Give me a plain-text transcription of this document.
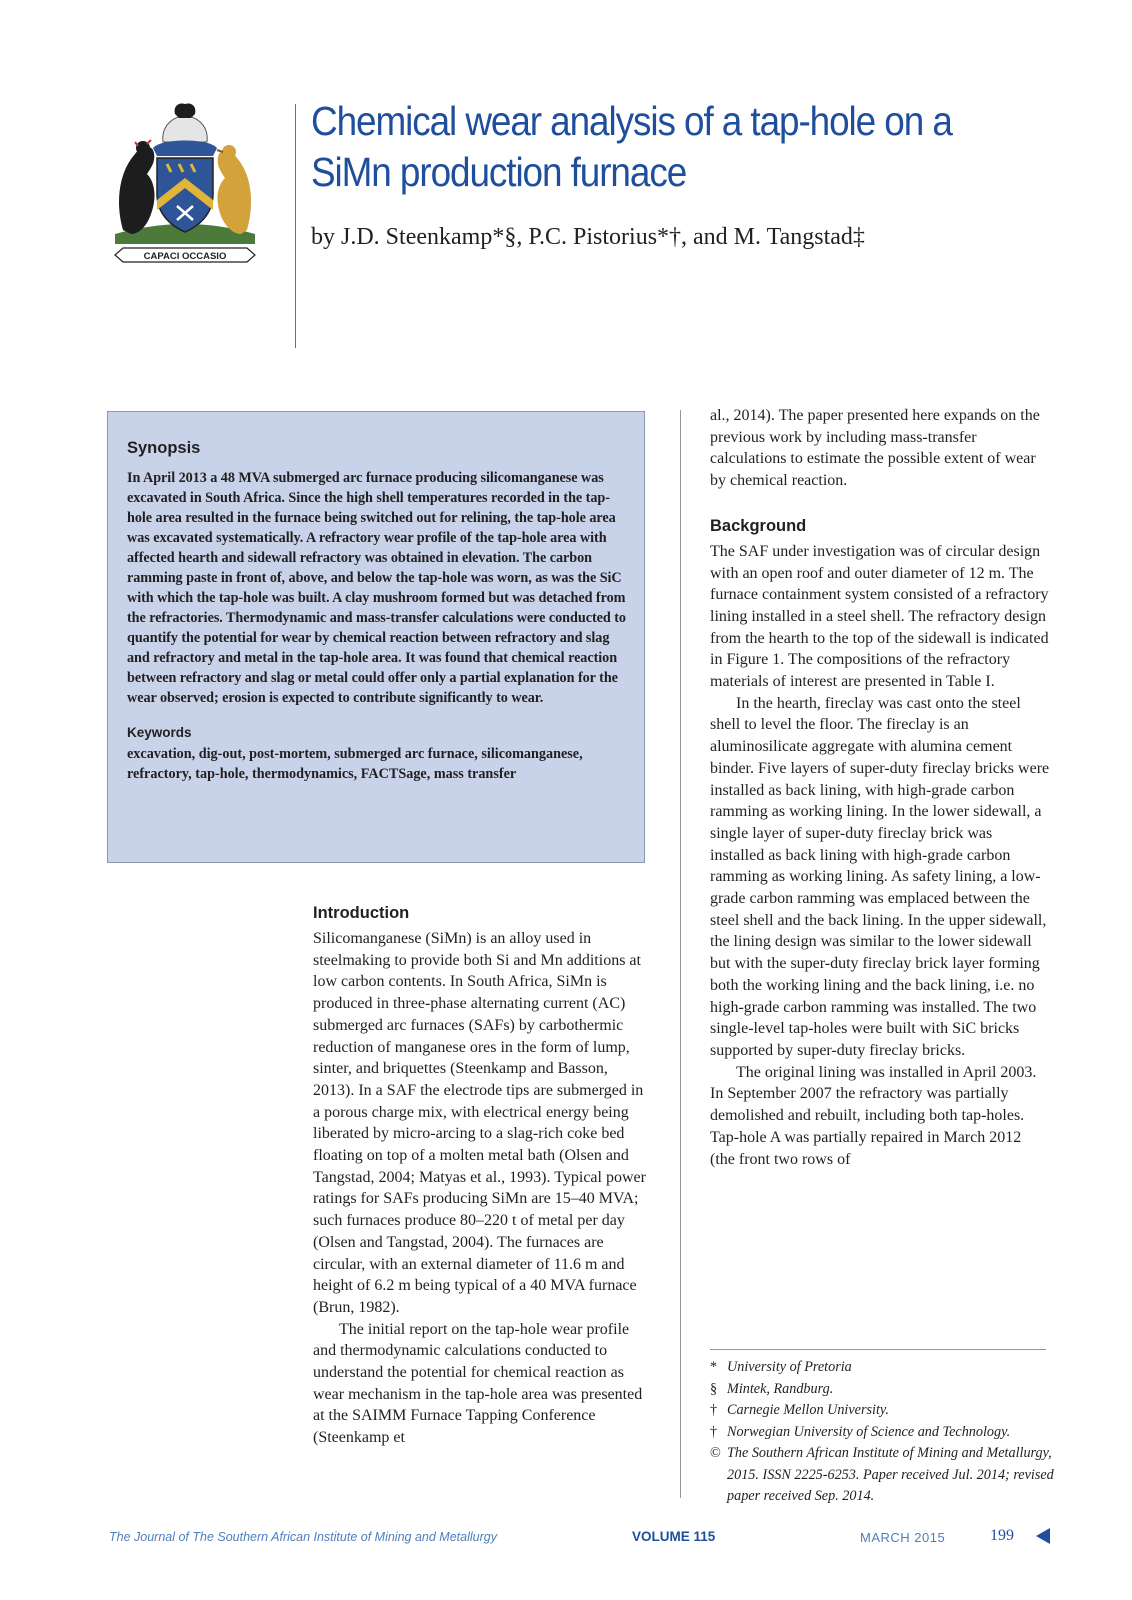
CAPACI OCCASIO
Chemical wear analysis of a tap-hole on a SiMn production furnace

by J.D. Steenkamp*§, P.C. Pistorius*†, and M. Tangstad‡

Synopsis

In April 2013 a 48 MVA submerged arc furnace producing silicomanganese was excavated in South Africa. Since the high shell temperatures recorded in the tap-hole area resulted in the furnace being switched out for relining, the tap-hole area was excavated systematically. A refractory wear profile of the tap-hole area with affected hearth and sidewall refractory was obtained in elevation. The carbon ramming paste in front of, above, and below the tap-hole was worn, as was the SiC with which the tap-hole was built. A clay mushroom formed but was detached from the refractories. Thermodynamic and mass-transfer calculations were conducted to quantify the potential for wear by chemical reaction between refractory and slag and refractory and metal in the tap-hole area. It was found that chemical reaction between refractory and slag or metal could offer only a partial explanation for the wear observed; erosion is expected to contribute significantly to wear.

Keywords

excavation, dig-out, post-mortem, submerged arc furnace, silicomanganese, refractory, tap-hole, thermodynamics, FACTSage, mass transfer

Introduction

Silicomanganese (SiMn) is an alloy used in steelmaking to provide both Si and Mn additions at low carbon contents. In South Africa, SiMn is produced in three-phase alternating current (AC) submerged arc furnaces (SAFs) by carbothermic reduction of manganese ores in the form of lump, sinter, and briquettes (Steenkamp and Basson, 2013). In a SAF the electrode tips are submerged in a porous charge mix, with electrical energy being liberated by micro-arcing to a slag-rich coke bed floating on top of a molten metal bath (Olsen and Tangstad, 2004; Matyas et al., 1993). Typical power ratings for SAFs producing SiMn are 15–40 MVA; such furnaces produce 80–220 t of metal per day (Olsen and Tangstad, 2004). The furnaces are circular, with an external diameter of 11.6 m and height of 6.2 m being typical of a 40 MVA furnace (Brun, 1982).

The initial report on the tap-hole wear profile and thermodynamic calculations conducted to understand the potential for chemical reaction as wear mechanism in the tap-hole area was presented at the SAIMM Furnace Tapping Conference (Steenkamp et

al., 2014). The paper presented here expands on the previous work by including mass-transfer calculations to estimate the possible extent of wear by chemical reaction.

Background

The SAF under investigation was of circular design with an open roof and outer diameter of 12 m. The furnace containment system consisted of a refractory lining installed in a steel shell. The refractory design from the hearth to the top of the sidewall is indicated in Figure 1. The compositions of the refractory materials of interest are presented in Table I.

In the hearth, fireclay was cast onto the steel shell to level the floor. The fireclay is an aluminosilicate aggregate with alumina cement binder. Five layers of super-duty fireclay bricks were installed as back lining, with high-grade carbon ramming as working lining. In the lower sidewall, a single layer of super-duty fireclay brick was installed as back lining with high-grade carbon ramming as working lining. As safety lining, a low-grade carbon ramming was emplaced between the steel shell and the back lining. In the upper sidewall, the lining design was similar to the lower sidewall but with the super-duty fireclay brick layer forming both the working lining and the back lining, i.e. no high-grade carbon ramming was installed. The two single-level tap-holes were built with SiC bricks supported by super-duty fireclay bricks.

The original lining was installed in April 2003. In September 2007 the refractory was partially demolished and rebuilt, including both tap-holes. Tap-hole A was partially repaired in March 2012 (the front two rows of

* University of Pretoria

§ Mintek, Randburg.

† Carnegie Mellon University.

† Norwegian University of Science and Technology.

© The Southern African Institute of Mining and Metallurgy, 2015. ISSN 2225-6253. Paper received Jul. 2014; revised paper received Sep. 2014.

The Journal of The Southern African Institute of Mining and Metallurgy	VOLUME 115	MARCH 2015	199
